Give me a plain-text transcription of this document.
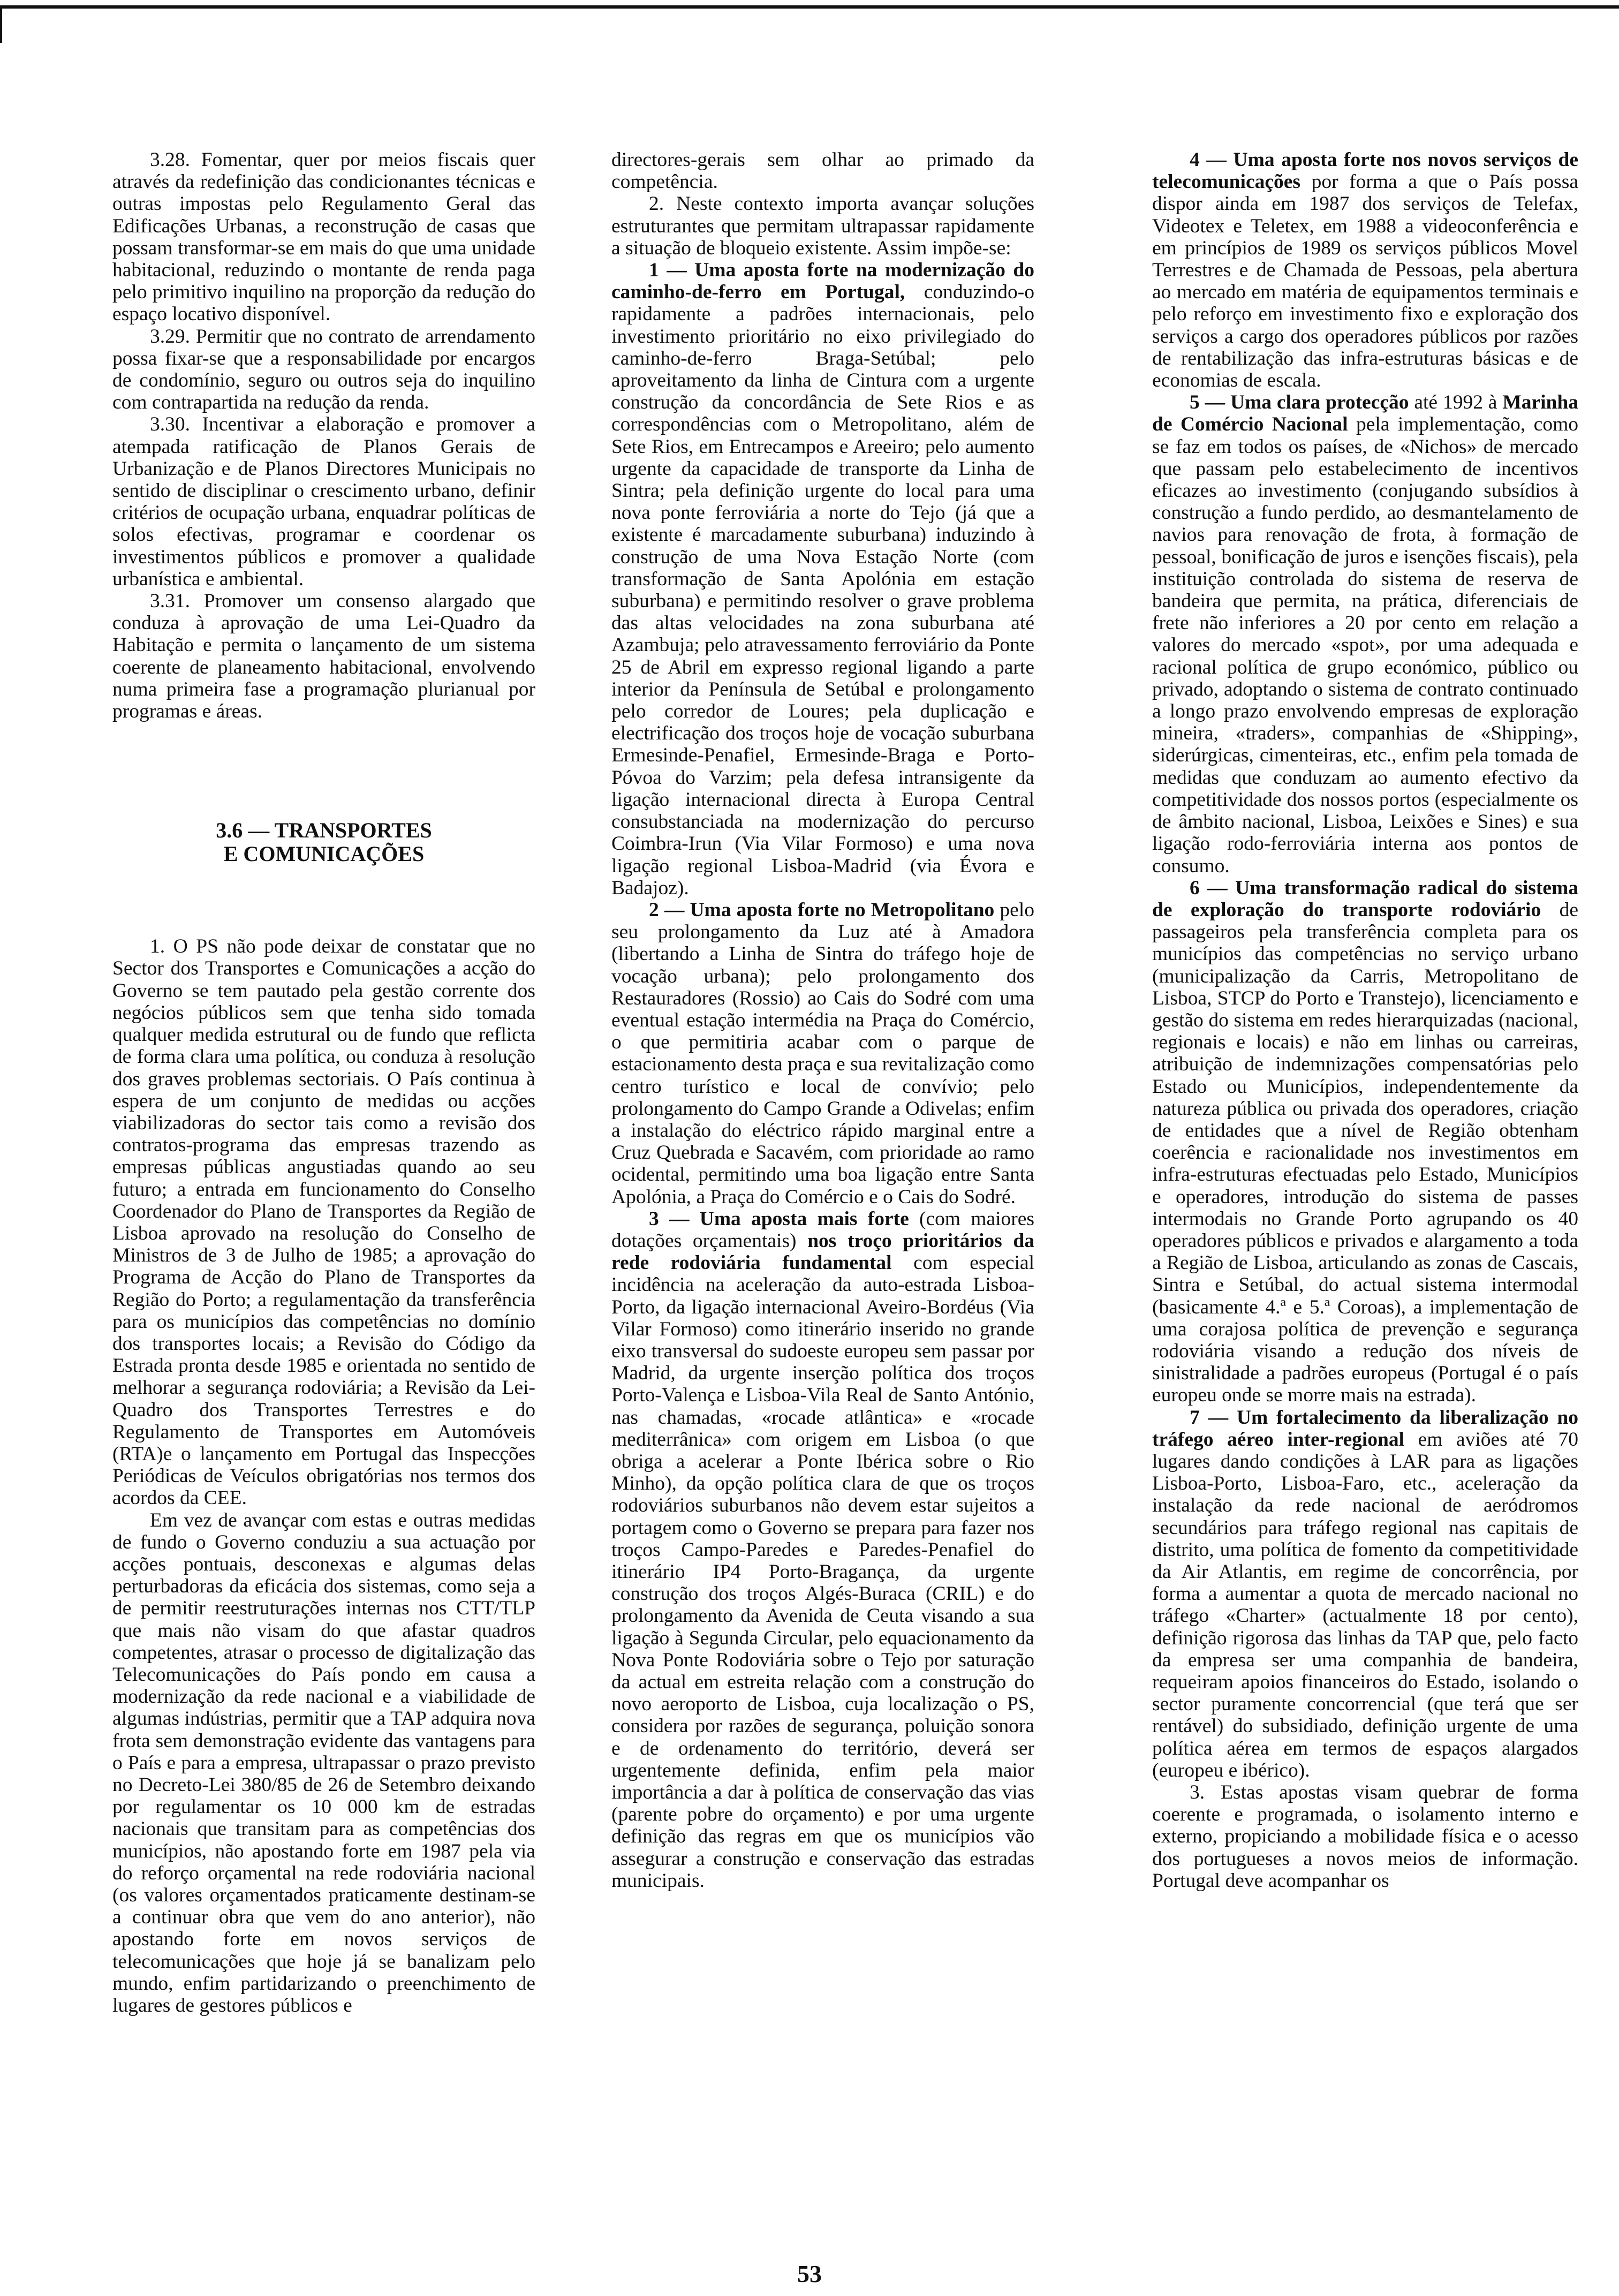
3.28. Fomentar, quer por meios fiscais quer através da redefinição das condicionantes técnicas e outras impostas pelo Regulamento Geral das Edificações Urbanas, a reconstrução de casas que possam transformar-se em mais do que uma unidade habitacional, reduzindo o montante de renda paga pelo primitivo inquilino na proporção da redução do espaço locativo disponível.

3.29. Permitir que no contrato de arrendamento possa fixar-se que a responsabilidade por encargos de condomínio, seguro ou outros seja do inquilino com contrapartida na redução da renda.

3.30. Incentivar a elaboração e promover a atempada ratificação de Planos Gerais de Urbanização e de Planos Directores Municipais no sentido de disciplinar o crescimento urbano, definir critérios de ocupação urbana, enquadrar políticas de solos efectivas, programar e coordenar os investimentos públicos e promover a qualidade urbanística e ambiental.

3.31. Promover um consenso alargado que conduza à aprovação de uma Lei-Quadro da Habitação e permita o lançamento de um sistema coerente de planeamento habitacional, envolvendo numa primeira fase a programação plurianual por programas e áreas.

3.6 — TRANSPORTES
E COMUNICAÇÕES

1. O PS não pode deixar de constatar que no Sector dos Transportes e Comunicações a acção do Governo se tem pautado pela gestão corrente dos negócios públicos sem que tenha sido tomada qualquer medida estrutural ou de fundo que reflicta de forma clara uma política, ou conduza à resolução dos graves problemas sectoriais. O País continua à espera de um conjunto de medidas ou acções viabilizadoras do sector tais como a revisão dos contratos-programa das empresas trazendo as empresas públicas angustiadas quando ao seu futuro; a entrada em funcionamento do Conselho Coordenador do Plano de Transportes da Região de Lisboa aprovado na resolução do Conselho de Ministros de 3 de Julho de 1985; a aprovação do Programa de Acção do Plano de Transportes da Região do Porto; a regulamentação da transferência para os municípios das competências no domínio dos transportes locais; a Revisão do Código da Estrada pronta desde 1985 e orientada no sentido de melhorar a segurança rodoviária; a Revisão da Lei-Quadro dos Transportes Terrestres e do Regulamento de Transportes em Automóveis (RTA)e o lançamento em Portugal das Inspecções Periódicas de Veículos obrigatórias nos termos dos acordos da CEE.

Em vez de avançar com estas e outras medidas de fundo o Governo conduziu a sua actuação por acções pontuais, desconexas e algumas delas perturbadoras da eficácia dos sistemas, como seja a de permitir reestruturações internas nos CTT/TLP que mais não visam do que afastar quadros competentes, atrasar o processo de digitalização das Telecomunicações do País pondo em causa a modernização da rede nacional e a viabilidade de algumas indústrias, permitir que a TAP adquira nova frota sem demonstração evidente das vantagens para o País e para a empresa, ultrapassar o prazo previsto no Decreto-Lei 380/85 de 26 de Setembro deixando por regulamentar os 10 000 km de estradas nacionais que transitam para as competências dos municípios, não apostando forte em 1987 pela via do reforço orçamental na rede rodoviária nacional (os valores orçamentados praticamente destinam-se a continuar obra que vem do ano anterior), não apostando forte em novos serviços de telecomunicações que hoje já se banalizam pelo mundo, enfim partidarizando o preenchimento de lugares de gestores públicos e

directores-gerais sem olhar ao primado da competência.

2. Neste contexto importa avançar soluções estruturantes que permitam ultrapassar rapidamente a situação de bloqueio existente. Assim impõe-se:

1 — Uma aposta forte na modernização do caminho-de-ferro em Portugal, conduzindo-o rapidamente a padrões internacionais, pelo investimento prioritário no eixo privilegiado do caminho-de-ferro Braga-Setúbal; pelo aproveitamento da linha de Cintura com a urgente construção da concordância de Sete Rios e as correspondências com o Metropolitano, além de Sete Rios, em Entrecampos e Areeiro; pelo aumento urgente da capacidade de transporte da Linha de Sintra; pela definição urgente do local para uma nova ponte ferroviária a norte do Tejo (já que a existente é marcadamente suburbana) induzindo à construção de uma Nova Estação Norte (com transformação de Santa Apolónia em estação suburbana) e permitindo resolver o grave problema das altas velocidades na zona suburbana até Azambuja; pelo atravessamento ferroviário da Ponte 25 de Abril em expresso regional ligando a parte interior da Península de Setúbal e prolongamento pelo corredor de Loures; pela duplicação e electrificação dos troços hoje de vocação suburbana Ermesinde-Penafiel, Ermesinde-Braga e Porto-Póvoa do Varzim; pela defesa intransigente da ligação internacional directa à Europa Central consubstanciada na modernização do percurso Coimbra-Irun (Via Vilar Formoso) e uma nova ligação regional Lisboa-Madrid (via Évora e Badajoz).

2 — Uma aposta forte no Metropolitano pelo seu prolongamento da Luz até à Amadora (libertando a Linha de Sintra do tráfego hoje de vocação urbana); pelo prolongamento dos Restauradores (Rossio) ao Cais do Sodré com uma eventual estação intermédia na Praça do Comércio, o que permitiria acabar com o parque de estacionamento desta praça e sua revitalização como centro turístico e local de convívio; pelo prolongamento do Campo Grande a Odivelas; enfim a instalação do eléctrico rápido marginal entre a Cruz Quebrada e Sacavém, com prioridade ao ramo ocidental, permitindo uma boa ligação entre Santa Apolónia, a Praça do Comércio e o Cais do Sodré.

3 — Uma aposta mais forte (com maiores dotações orçamentais) nos troço prioritários da rede rodoviária fundamental com especial incidência na aceleração da auto-estrada Lisboa-Porto, da ligação internacional Aveiro-Bordéus (Via Vilar Formoso) como itinerário inserido no grande eixo transversal do sudoeste europeu sem passar por Madrid, da urgente inserção política dos troços Porto-Valença e Lisboa-Vila Real de Santo António, nas chamadas, «rocade atlântica» e «rocade mediterrânica» com origem em Lisboa (o que obriga a acelerar a Ponte Ibérica sobre o Rio Minho), da opção política clara de que os troços rodoviários suburbanos não devem estar sujeitos a portagem como o Governo se prepara para fazer nos troços Campo-Paredes e Paredes-Penafiel do itinerário IP4 Porto-Bragança, da urgente construção dos troços Algés-Buraca (CRIL) e do prolongamento da Avenida de Ceuta visando a sua ligação à Segunda Circular, pelo equacionamento da Nova Ponte Rodoviária sobre o Tejo por saturação da actual em estreita relação com a construção do novo aeroporto de Lisboa, cuja localização o PS, considera por razões de segurança, poluição sonora e de ordenamento do território, deverá ser urgentemente definida, enfim pela maior importância a dar à política de conservação das vias (parente pobre do orçamento) e por uma urgente definição das regras em que os municípios vão assegurar a construção e conservação das estradas municipais.

4 — Uma aposta forte nos novos serviços de telecomunicações por forma a que o País possa dispor ainda em 1987 dos serviços de Telefax, Videotex e Teletex, em 1988 a videoconferência e em princípios de 1989 os serviços públicos Movel Terrestres e de Chamada de Pessoas, pela abertura ao mercado em matéria de equipamentos terminais e pelo reforço em investimento fixo e exploração dos serviços a cargo dos operadores públicos por razões de rentabilização das infra-estruturas básicas e de economias de escala.

5 — Uma clara protecção até 1992 à Marinha de Comércio Nacional pela implementação, como se faz em todos os países, de «Nichos» de mercado que passam pelo estabelecimento de incentivos eficazes ao investimento (conjugando subsídios à construção a fundo perdido, ao desmantelamento de navios para renovação de frota, à formação de pessoal, bonificação de juros e isenções fiscais), pela instituição controlada do sistema de reserva de bandeira que permita, na prática, diferenciais de frete não inferiores a 20 por cento em relação a valores do mercado «spot», por uma adequada e racional política de grupo económico, público ou privado, adoptando o sistema de contrato continuado a longo prazo envolvendo empresas de exploração mineira, «traders», companhias de «Shipping», siderúrgicas, cimenteiras, etc., enfim pela tomada de medidas que conduzam ao aumento efectivo da competitividade dos nossos portos (especialmente os de âmbito nacional, Lisboa, Leixões e Sines) e sua ligação rodo-ferroviária interna aos pontos de consumo.

6 — Uma transformação radical do sistema de exploração do transporte rodoviário de passageiros pela transferência completa para os municípios das competências no serviço urbano (municipalização da Carris, Metropolitano de Lisboa, STCP do Porto e Transtejo), licenciamento e gestão do sistema em redes hierarquizadas (nacional, regionais e locais) e não em linhas ou carreiras, atribuição de indemnizações compensatórias pelo Estado ou Municípios, independentemente da natureza pública ou privada dos operadores, criação de entidades que a nível de Região obtenham coerência e racionalidade nos investimentos em infra-estruturas efectuadas pelo Estado, Municípios e operadores, introdução do sistema de passes intermodais no Grande Porto agrupando os 40 operadores públicos e privados e alargamento a toda a Região de Lisboa, articulando as zonas de Cascais, Sintra e Setúbal, do actual sistema intermodal (basicamente 4.ª e 5.ª Coroas), a implementação de uma corajosa política de prevenção e segurança rodoviária visando a redução dos níveis de sinistralidade a padrões europeus (Portugal é o país europeu onde se morre mais na estrada).

7 — Um fortalecimento da liberalização no tráfego aéreo inter-regional em aviões até 70 lugares dando condições à LAR para as ligações Lisboa-Porto, Lisboa-Faro, etc., aceleração da instalação da rede nacional de aeródromos secundários para tráfego regional nas capitais de distrito, uma política de fomento da competitividade da Air Atlantis, em regime de concorrência, por forma a aumentar a quota de mercado nacional no tráfego «Charter» (actualmente 18 por cento), definição rigorosa das linhas da TAP que, pelo facto da empresa ser uma companhia de bandeira, requeiram apoios financeiros do Estado, isolando o sector puramente concorrencial (que terá que ser rentável) do subsidiado, definição urgente de uma política aérea em termos de espaços alargados (europeu e ibérico).

3. Estas apostas visam quebrar de forma coerente e programada, o isolamento interno e externo, propiciando a mobilidade física e o acesso dos portugueses a novos meios de informação. Portugal deve acompanhar os

53
